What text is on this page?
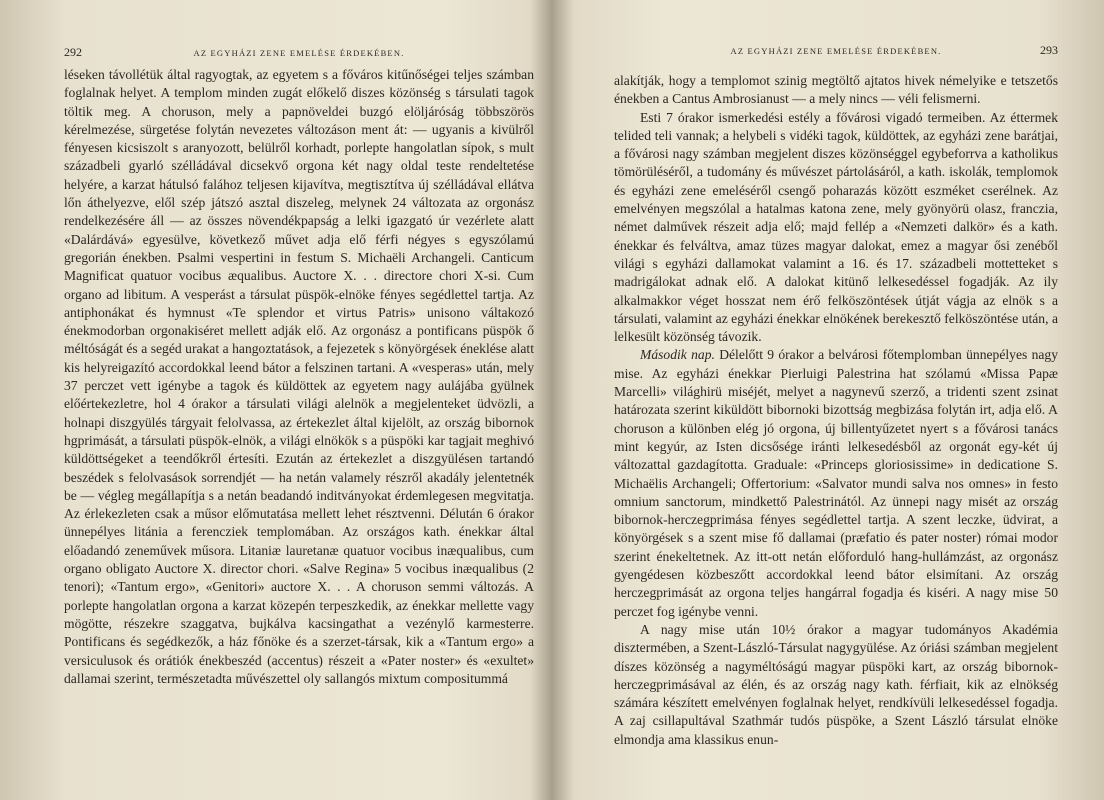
292	AZ EGYHÁZI ZENE EMELÉSE ÉRDEKÉBEN.

léseken távollétük által ragyogtak, az egyetem s a főváros kitűnőségei teljes számban foglalnak helyet. A templom minden zugát előkelő diszes közönség s társulati tagok töltik meg. A choruson, mely a papnöveldei buzgó elöljáróság többszörös kérelmezése, sürgetése folytán nevezetes változáson ment át: — ugyanis a kivülről fényesen kicsiszolt s aranyozott, belülről korhadt, porlepte hangolatlan sípok, s mult századbeli gyarló szélládával dicsekvő orgona két nagy oldal teste rendeltetése helyére, a karzat hátulsó falához teljesen kijavítva, megtisztítva új szélládával ellátva lőn áthelyezve, elől szép játszó asztal diszeleg, melynek 24 változata az orgonász rendelkezésére áll — az összes növendékpapság a lelki igazgató úr vezérlete alatt «Dalárdává» egyesülve, következő művet adja elő férfi négyes s egyszólamú gregorián énekben. Psalmi vespertini in festum S. Michaëli Archangeli. Canticum Magnificat quatuor vocibus æqualibus. Auctore X. . . directore chori X-si. Cum organo ad libitum. A vesperást a társulat püspök-elnöke fényes segédlettel tartja. Az antiphonákat és hymnust «Te splendor et virtus Patris» unisono váltakozó énekmodorban orgonakiséret mellett adják elő. Az orgonász a pontificans püspök ő méltóságát és a segéd urakat a hangoztatások, a fejezetek s könyörgések éneklése alatt kis helyreigazító accordokkal leend bátor a felszinen tartani. A «vesperas» után, mely 37 perczet vett igénybe a tagok és küldöttek az egyetem nagy aulájába gyülnek előértekezletre, hol 4 órakor a társulati világi alelnök a megjelenteket üdvözli, a holnapi diszgyülés tárgyait felolvassa, az értekezlet által kijelölt, az ország bibornok hgprimását, a társulati püspök-elnök, a világi elnökök s a püspöki kar tagjait meghivó küldöttségeket a teendőkről értesíti. Ezután az értekezlet a diszgyülésen tartandó beszédek s felolvasások sorrendjét — ha netán valamely részről akadály jelentetnék be — végleg megállapítja s a netán beadandó inditványokat érdemlegesen megvitatja. Az érlekezleten csak a műsor előmutatása mellett lehet résztvenni. Délután 6 órakor ünnepélyes litánia a ferencziek templomában. Az országos kath. énekkar által előadandó zeneművek műsora. Litaniæ lauretanæ quatuor vocibus inæqualibus, cum organo obligato Auctore X. director chori. «Salve Regina» 5 vocibus inæqualibus (2 tenori); «Tantum ergo», «Genitori» auctore X. . . A choruson semmi változás. A porlepte hangolatlan orgona a karzat közepén terpeszkedik, az énekkar mellette vagy mögötte, részekre szaggatva, bujkálva kacsingathat a vezénylő karmesterre. Pontificans és segédkezők, a ház főnöke és a szerzet-társak, kik a «Tantum ergo» a versiculusok és orátiók énekbeszéd (accentus) részeit a «Pater noster» és «exultet» dallamai szerint, természetadta művészettel oly sallangós mixtum compositummá

AZ EGYHÁZI ZENE EMELÉSE ÉRDEKÉBEN.	293

alakítják, hogy a templomot szinig megtöltő ajtatos hivek némelyike e tetszetős énekben a Cantus Ambrosianust — a mely nincs — véli felismerni.

Esti 7 órakor ismerkedési estély a fővárosi vigadó termeiben. Az éttermek telided teli vannak; a helybeli s vidéki tagok, küldöttek, az egyházi zene barátjai, a fővárosi nagy számban megjelent diszes közönséggel egybeforrva a katholikus tömörüléséről, a tudomány és művészet pártolásáról, a kath. iskolák, templomok és egyházi zene emeléséről csengő poharazás között eszméket cserélnek. Az emelvényen megszólal a hatalmas katona zene, mely gyönyörü olasz, franczia, német dalművek részeit adja elő; majd fellép a «Nemzeti dalkör» és a kath. énekkar és felváltva, amaz tüzes magyar dalokat, emez a magyar ősi zenéből világi s egyházi dallamokat valamint a 16. és 17. századbeli mottetteket s madrigálokat adnak elő. A dalokat kitünő lelkesedéssel fogadják. Az ily alkalmakkor véget hosszat nem érő felköszöntések útját vágja az elnök s a társulati, valamint az egyházi énekkar elnökének berekesztő felköszöntése után, a lelkesült közönség távozik.

Második nap. Délelőtt 9 órakor a belvárosi főtemplomban ünnepélyes nagy mise. Az egyházi énekkar Pierluigi Palestrina hat szólamú «Missa Papæ Marcelli» világhirü miséjét, melyet a nagynevű szerző, a tridenti szent zsinat határozata szerint kiküldött bibornoki bizottság megbizása folytán irt, adja elő. A choruson a különben elég jó orgona, új billentyűzetet nyert s a fővárosi tanács mint kegyúr, az Isten dicsősége iránti lelkesedésből az orgonát egy-két új változattal gazdagította. Graduale: «Princeps gloriosissime» in dedicatione S. Michaëlis Archangeli; Offertorium: «Salvator mundi salva nos omnes» in festo omnium sanctorum, mindkettő Palestrinától. Az ünnepi nagy misét az ország bibornok-herczegprimása fényes segédlettel tartja. A szent leczke, üdvirat, a könyörgések s a szent mise fő dallamai (præfatio és pater noster) római modor szerint énekeltetnek. Az itt-ott netán előforduló hang-hullámzást, az orgonász gyengédesen közbeszőtt accordokkal leend bátor elsimítani. Az ország herczegprimását az orgona teljes hangárral fogadja és kiséri. A nagy mise 50 perczet fog igénybe venni.

A nagy mise után 10½ órakor a magyar tudományos Akadémia disztermében, a Szent-László-Társulat nagygyülése. Az óriási számban megjelent díszes közönség a nagyméltóságú magyar püspöki kart, az ország bibornok-herczegprimásával az élén, és az ország nagy kath. férfiait, kik az elnökség számára készített emelvényen foglalnak helyet, rendkívüli lelkesedéssel fogadja. A zaj csillapultával Szathmár tudós püspöke, a Szent László társulat elnöke elmondja ama klassikus enun-
